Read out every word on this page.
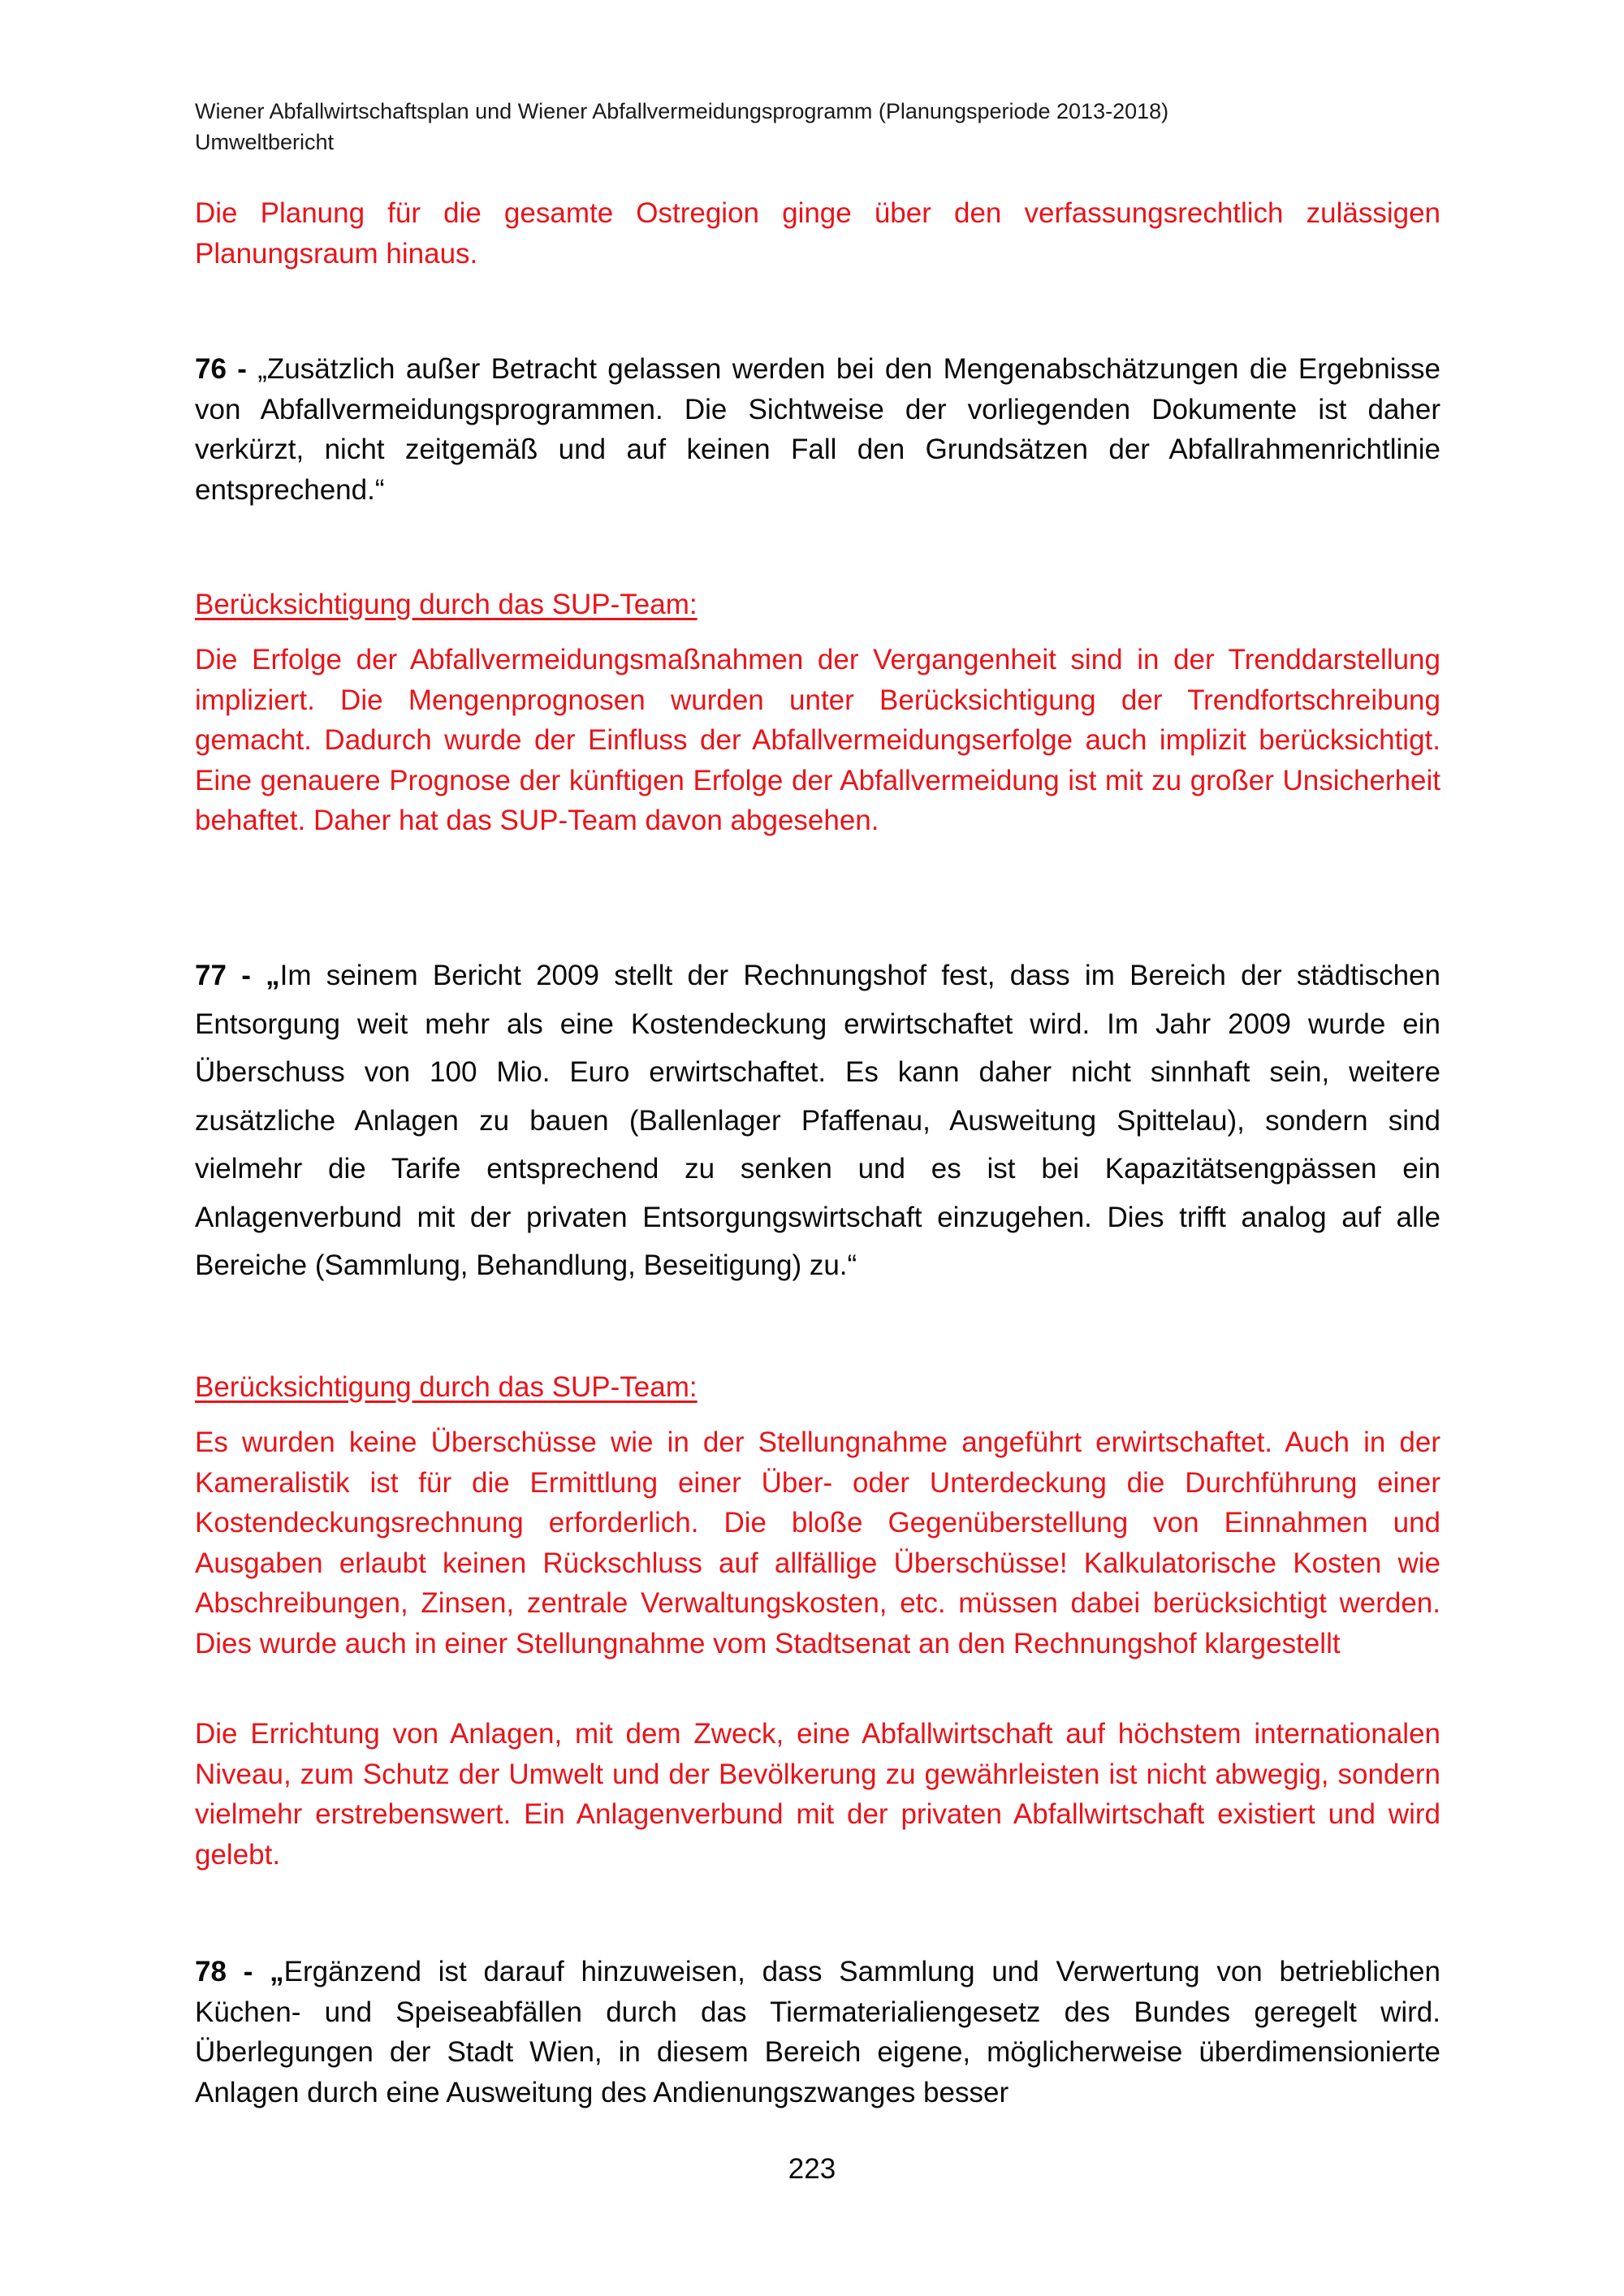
Wiener Abfallwirtschaftsplan und Wiener Abfallvermeidungsprogramm (Planungsperiode 2013-2018)
Umweltbericht

Die Planung für die gesamte Ostregion ginge über den verfassungsrechtlich zulässigen Planungsraum hinaus.

76 - „Zusätzlich außer Betracht gelassen werden bei den Mengenabschätzungen die Ergebnisse von Abfallvermeidungsprogrammen. Die Sichtweise der vorliegenden Dokumente ist daher verkürzt, nicht zeitgemäß und auf keinen Fall den Grundsätzen der Abfallrahmenrichtlinie entsprechend.“

Berücksichtigung durch das SUP-Team:

Die Erfolge der Abfallvermeidungsmaßnahmen der Vergangenheit sind in der Trenddarstellung impliziert. Die Mengenprognosen wurden unter Berücksichtigung der Trendfortschreibung gemacht. Dadurch wurde der Einfluss der Abfallvermeidungserfolge auch implizit berücksichtigt. Eine genauere Prognose der künftigen Erfolge der Abfallvermeidung ist mit zu großer Unsicherheit behaftet. Daher hat das SUP-Team davon abgesehen.

77 - „Im seinem Bericht 2009 stellt der Rechnungshof fest, dass im Bereich der städtischen Entsorgung weit mehr als eine Kostendeckung erwirtschaftet wird. Im Jahr 2009 wurde ein Überschuss von 100 Mio. Euro erwirtschaftet. Es kann daher nicht sinnhaft sein, weitere zusätzliche Anlagen zu bauen (Ballenlager Pfaffenau, Ausweitung Spittelau), sondern sind vielmehr die Tarife entsprechend zu senken und es ist bei Kapazitätsengpässen ein Anlagenverbund mit der privaten Entsorgungswirtschaft einzugehen. Dies trifft analog auf alle Bereiche (Sammlung, Behandlung, Beseitigung) zu.“

Berücksichtigung durch das SUP-Team:

Es wurden keine Überschüsse wie in der Stellungnahme angeführt erwirtschaftet. Auch in der Kameralistik ist für die Ermittlung einer Über- oder Unterdeckung die Durchführung einer Kostendeckungsrechnung erforderlich. Die bloße Gegenüberstellung von Einnahmen und Ausgaben erlaubt keinen Rückschluss auf allfällige Überschüsse! Kalkulatorische Kosten wie Abschreibungen, Zinsen, zentrale Verwaltungskosten, etc. müssen dabei berücksichtigt werden. Dies wurde auch in einer Stellungnahme vom Stadtsenat an den Rechnungshof klargestellt

Die Errichtung von Anlagen, mit dem Zweck, eine Abfallwirtschaft auf höchstem internationalen Niveau, zum Schutz der Umwelt und der Bevölkerung zu gewährleisten ist nicht abwegig, sondern vielmehr erstrebenswert. Ein Anlagenverbund mit der privaten Abfallwirtschaft existiert und wird gelebt.

78 - „Ergänzend ist darauf hinzuweisen, dass Sammlung und Verwertung von betrieblichen Küchen- und Speiseabfällen durch das Tiermaterialiengesetz des Bundes geregelt wird. Überlegungen der Stadt Wien, in diesem Bereich eigene, möglicherweise überdimensionierte Anlagen durch eine Ausweitung des Andienungszwanges besser

223
